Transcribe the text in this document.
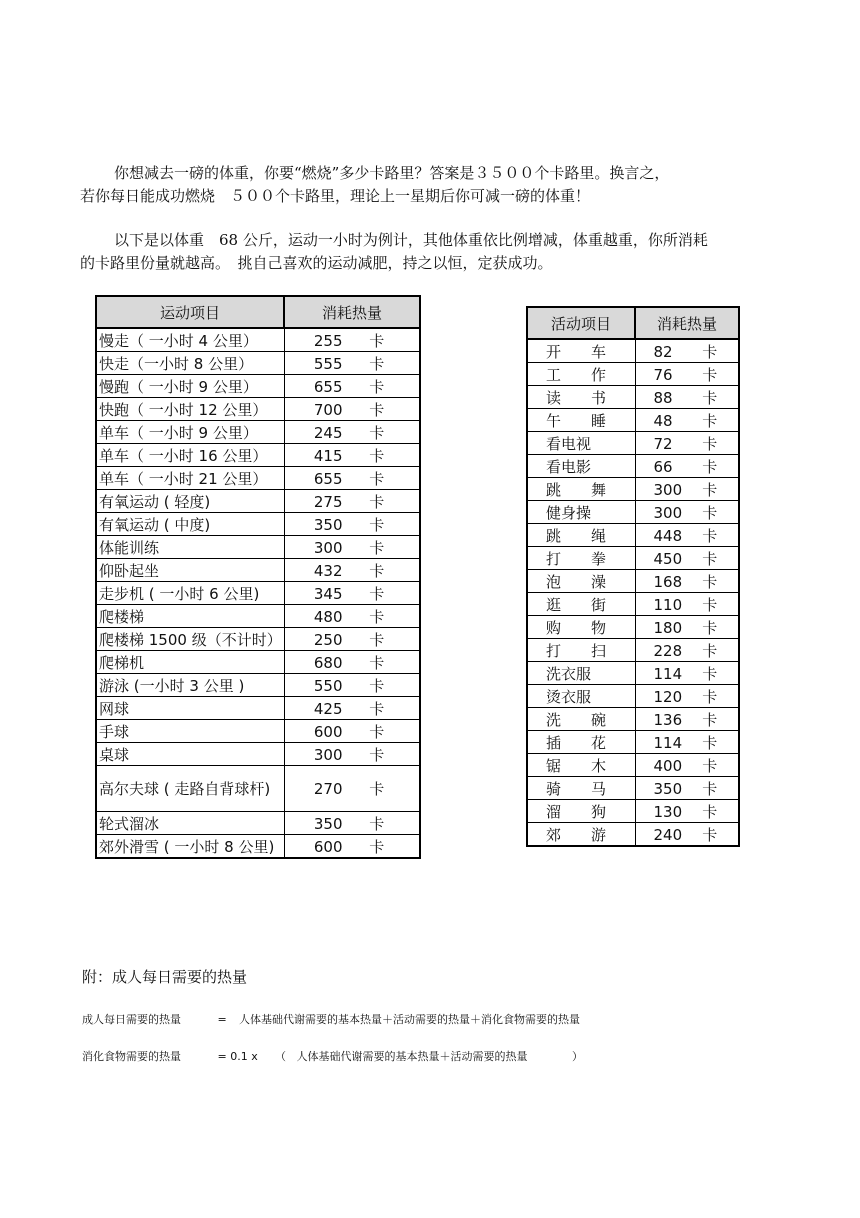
你想减去一磅的体重，你要“燃烧”多少卡路里？答案是３５００个卡路里。换言之，

若你每日能成功燃烧　５００个卡路里，理论上一星期后你可减一磅的体重！

以下是以体重　68 公斤，运动一小时为例计，其他体重依比例增减，体重越重，你所消耗

的卡路里份量就越高。　挑自己喜欢的运动减肥，持之以恒，定获成功。

运动项目	消耗热量
慢走（ 一小时 4 公里）	255 卡
快走（一小时 8 公里）	555 卡
慢跑（ 一小时 9 公里）	655 卡
快跑（ 一小时 12 公里）	700 卡
单车（ 一小时 9 公里）	245 卡
单车（ 一小时 16 公里）	415 卡
单车（ 一小时 21 公里）	655 卡
有氧运动 ( 轻度)	275 卡
有氧运动 ( 中度)	350 卡
体能训练	300 卡
仰卧起坐	432 卡
走步机 ( 一小时 6 公里)	345 卡
爬楼梯	480 卡
爬楼梯 1500 级（不计时）	250 卡
爬梯机	680 卡
游泳 (一小时 3 公里 )	550 卡
网球	425 卡
手球	600 卡
桌球	300 卡
高尔夫球 ( 走路自背球杆)	270 卡
轮式溜冰	350 卡
郊外滑雪 ( 一小时 8 公里)	600 卡
活动项目	消耗热量
开　　车	82 卡
工　　作	76 卡
读　　书	88 卡
午　　睡	48 卡
看电视	72 卡
看电影	66 卡
跳　　舞	300 卡
健身操	300 卡
跳　　绳	448 卡
打　　拳	450 卡
泡　　澡	168 卡
逛　　街	110 卡
购　　物	180 卡
打　　扫	228 卡
洗衣服	114 卡
烫衣服	120 卡
洗　　碗	136 卡
插　　花	114 卡
锯　　木	400 卡
骑　　马	350 卡
溜　　狗	130 卡
郊　　游	240 卡
附：成人每日需要的热量
成人每日需要的热量	= 人体基础代谢需要的基本热量＋活动需要的热量＋消化食物需要的热量
消化食物需要的热量	= 0.1 x （ 人体基础代谢需要的基本热量＋活动需要的热量	）
